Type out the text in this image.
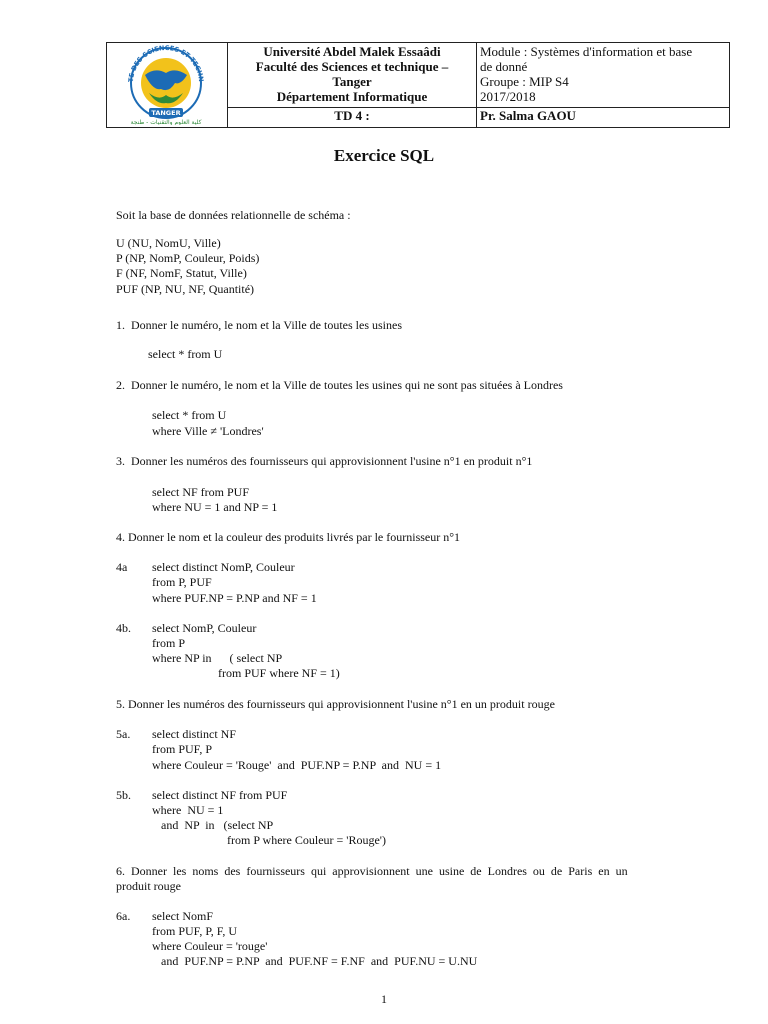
TE DES SCIENCES ET TECHN
TANGER
كلية العلوم والتقنيات - طنجة
Université Abdel Malek Essaâdi
Faculté des Sciences et technique –
Tanger
Département Informatique
Module : Systèmes d'information et base
de donné
Groupe : MIP S4
2017/2018
TD 4 :	Pr. Salma GAOU
Exercice SQL
Soit la base de données relationnelle de schéma :
U (NU, NomU, Ville)
P (NP, NomP, Couleur, Poids)
F (NF, NomF, Statut, Ville)
PUF (NP, NU, NF, Quantité)
1.  Donner le numéro, le nom et la Ville de toutes les usines
select * from U
2.  Donner le numéro, le nom et la Ville de toutes les usines qui ne sont pas situées à Londres
select * from U
where Ville ≠ 'Londres'
3.  Donner les numéros des fournisseurs qui approvisionnent l'usine n°1 en produit n°1
select NF from PUF
where NU = 1 and NP = 1
4. Donner le nom et la couleur des produits livrés par le fournisseur n°1
4a select distinct NomP, Couleur
from P, PUF
where PUF.NP = P.NP and NF = 1
4b. select NomP, Couleur
from P
where NP in      ( select NP
from PUF where NF = 1)
5. Donner les numéros des fournisseurs qui approvisionnent l'usine n°1 en un produit rouge
5a. select distinct NF
from PUF, P
where Couleur = 'Rouge'  and  PUF.NP = P.NP  and  NU = 1
5b. select distinct NF from PUF
where  NU = 1
and  NP  in   (select NP
from P where Couleur = 'Rouge')
6.  Donner  les  noms  des  fournisseurs  qui  approvisionnent  une  usine  de  Londres  ou  de  Paris  en  un
produit rouge
6a. select NomF
from PUF, P, F, U
where Couleur = 'rouge'
and  PUF.NP = P.NP  and  PUF.NF = F.NF  and  PUF.NU = U.NU
1
